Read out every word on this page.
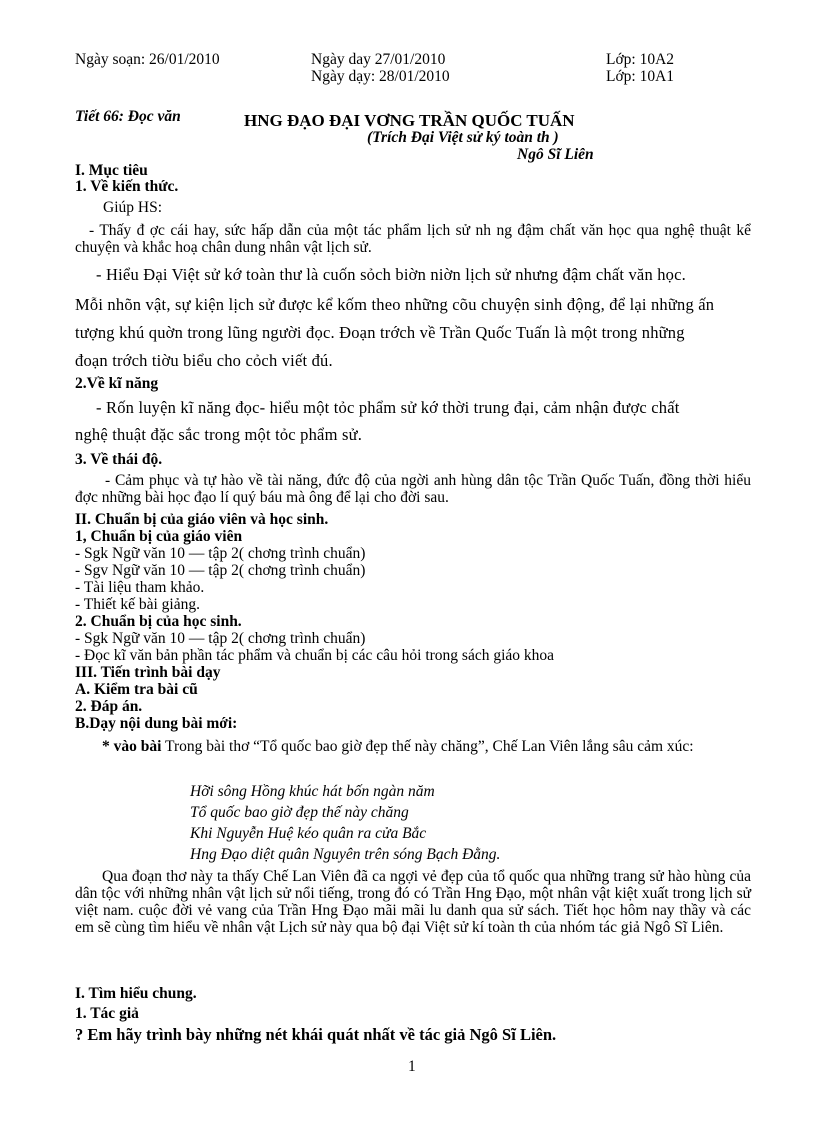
Ngày soạn: 26/01/2010	Ngày day 27/01/2010
Ngày dạy: 28/01/2010
Lớp: 10A2
Lớp: 10A1
Tiết 66: Đọc văn	HNG ĐẠO ĐẠI VƠNG TRẦN QUỐC TUẤN
(Trích Đại Việt sử ký toàn th )
Ngô Sĩ Liên
I. Mục tiêu
1. Về kiến thức.
Giúp HS:
- Thấy đ ợc cái hay, sức hấp dẫn của một tác phẩm lịch sử nh ng đậm chất văn học qua nghệ thuật kể chuyện và khắc hoạ chân dung nhân vật lịch sử.
- Hiểu Đại Việt sử kớ toàn thư là cuốn sỏch biờn niờn lịch sử nhưng đậm chất văn học.
Mỗi nhõn vật, sự kiện lịch sử được kể kốm theo những cõu chuyện sinh động, để lại những ấn
tượng khú quờn trong lũng người đọc. Đoạn trớch về Trần Quốc Tuấn là một trong những
đoạn trớch tiờu biểu cho cỏch viết đú.
2.Về kĩ năng
- Rốn luyện kĩ năng đọc- hiểu một tỏc phẩm sử kớ thời trung đại, cảm nhận được chất
nghệ thuật đặc sắc trong một tỏc phẩm sử.
3. Về thái độ.
- Cảm phục và tự hào về tài năng, đức độ của ngời anh hùng dân tộc Trần Quốc Tuấn, đồng thời hiểu đợc những bài học đạo lí quý báu mà ông để lại cho đời sau.
II. Chuẩn bị của giáo viên và học sinh.
1, Chuẩn bị của giáo viên
- Sgk Ngữ văn 10 — tập 2( chơng trình chuẩn)
- Sgv Ngữ văn 10 — tập 2( chơng trình chuẩn)
- Tài liệu tham khảo.
- Thiết kế bài giảng.
2. Chuẩn bị của học sinh.
- Sgk Ngữ văn 10 — tập 2( chơng trình chuẩn)
- Đọc kĩ văn bản phần tác phẩm và chuẩn bị các câu hỏi trong sách giáo khoa
III. Tiến trình bài dạy
A. Kiểm tra bài cũ
2. Đáp án.
B.Dạy nội dung bài mới:
* vào bài Trong bài thơ “Tổ quốc bao giờ đẹp thế này chăng”, Chế Lan Viên lắng sâu cảm xúc:
Hỡi sông Hồng khúc hát bốn ngàn năm
Tổ quốc bao giờ đẹp thế này chăng
Khi Nguyễn Huệ kéo quân ra cửa Bắc
Hng Đạo diệt quân Nguyên trên sóng Bạch Đằng.
Qua đoạn thơ này ta thấy Chế Lan Viên đã ca ngợi vẻ đẹp của tổ quốc qua những trang sử hào hùng của dân tộc với những nhân vật lịch sử nổi tiếng, trong đó có Trần Hng Đạo, một nhân vật kiệt xuất trong lịch sử việt nam. cuộc đời vẻ vang của Trần Hng Đạo mãi mãi lu danh qua sử sách. Tiết học hôm nay thầy và các em sẽ cùng tìm hiểu về nhân vật Lịch sử này qua bộ đại Việt sử kí toàn th của nhóm tác giả Ngô Sĩ Liên.
I. Tìm hiểu chung.
1. Tác giả
? Em hãy trình bày những nét khái quát nhất về tác giả Ngô Sĩ Liên.
1
